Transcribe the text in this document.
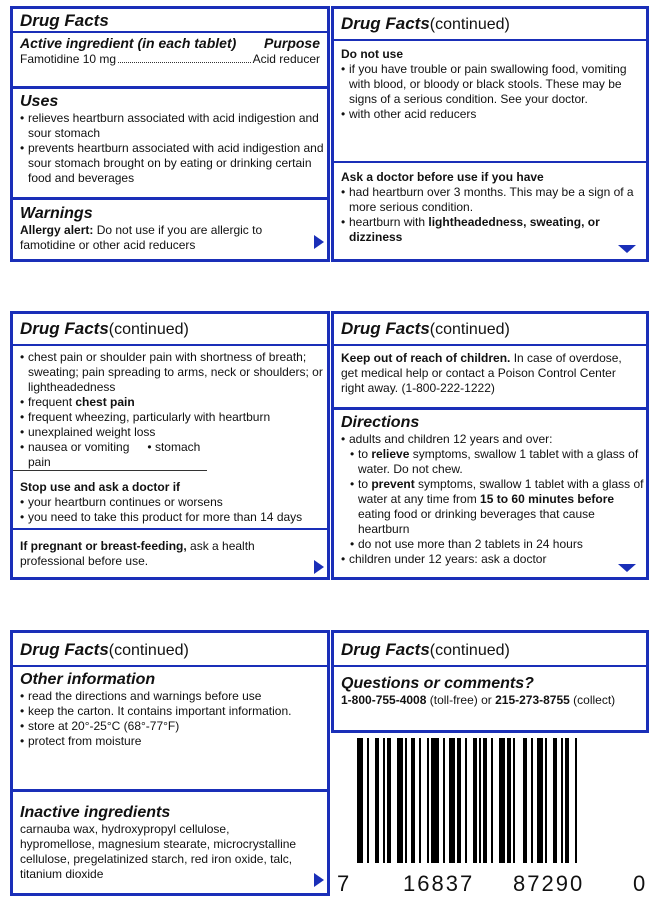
Drug Facts
Active ingredient (in each tablet) Purpose
Famotidine 10 mg	Acid reducer
Uses
• relieves heartburn associated with acid indigestion and sour stomach
• prevents heartburn associated with acid indigestion and sour stomach brought on by eating or drinking certain food and beverages
Warnings
Allergy alert: Do not use if you are allergic to famotidine or other acid reducers
Drug Facts(continued)
Do not use
• if you have trouble or pain swallowing food, vomiting with blood, or bloody or black stools. These may be signs of a serious condition. See your doctor.
• with other acid reducers
Ask a doctor before use if you have
• had heartburn over 3 months. This may be a sign of a more serious condition.
• heartburn with lightheadedness, sweating, or dizziness
Drug Facts(continued)
• chest pain or shoulder pain with shortness of breath; sweating; pain spreading to arms, neck or shoulders; or lightheadedness
• frequent chest pain
• frequent wheezing, particularly with heartburn
• unexplained weight loss
• nausea or vomiting • stomach pain
Stop use and ask a doctor if
• your heartburn continues or worsens
• you need to take this product for more than 14 days
If pregnant or breast-feeding, ask a health professional before use.
Drug Facts(continued)
Keep out of reach of children. In case of overdose, get medical help or contact a Poison Control Center right away. (1-800-222-1222)
Directions
• adults and children 12 years and over:
• to relieve symptoms, swallow 1 tablet with a glass of water. Do not chew.
• to prevent symptoms, swallow 1 tablet with a glass of water at any time from 15 to 60 minutes before eating food or drinking beverages that cause heartburn
• do not use more than 2 tablets in 24 hours
• children under 12 years: ask a doctor
Drug Facts(continued)
Other information
• read the directions and warnings before use
• keep the carton. It contains important information.
• store at 20°-25°C (68°-77°F)
• protect from moisture
Inactive ingredients
carnauba wax, hydroxypropyl cellulose, hypromellose, magnesium stearate, microcrystalline cellulose, pregelatinized starch, red iron oxide, talc, titanium dioxide
Drug Facts(continued)
Questions or comments?
1-800-755-4008 (toll-free) or 215-273-8755 (collect)
7 16837 87290 0
